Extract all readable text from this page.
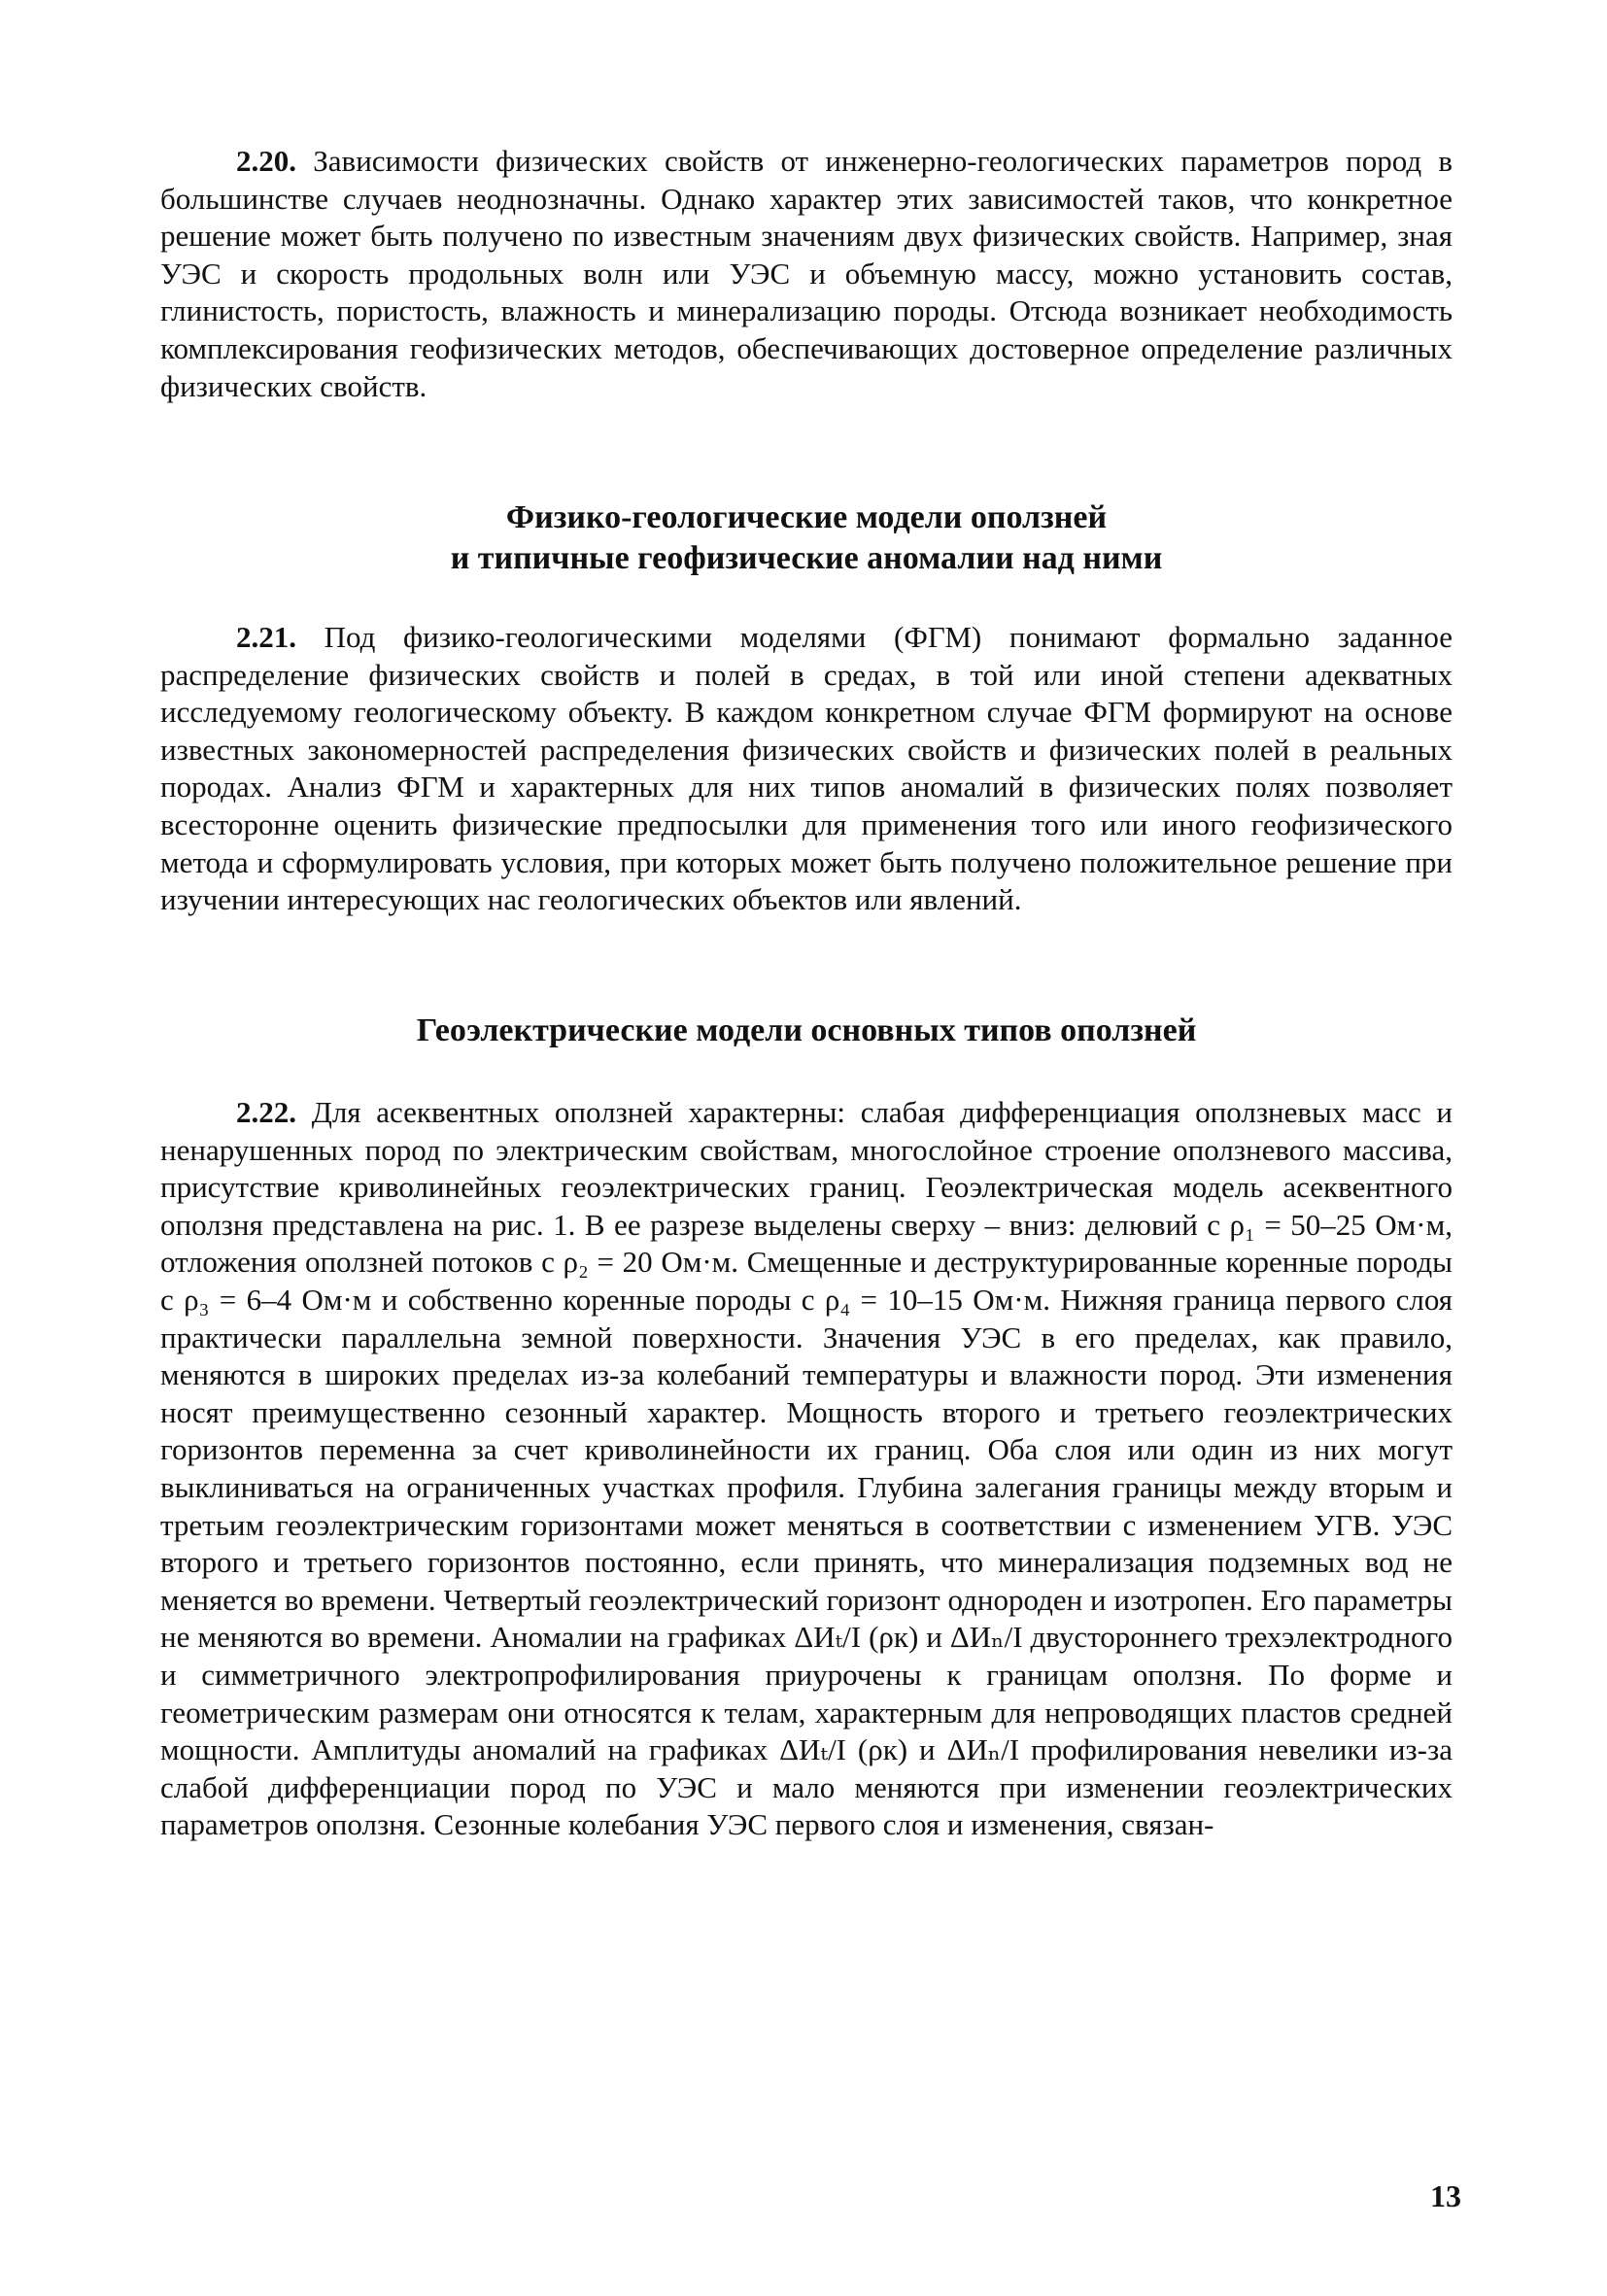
2.20. Зависимости физических свойств от инженерно-геологических параметров пород в большинстве случаев неоднозначны. Однако характер этих зависимостей таков, что конкретное решение может быть получено по известным значениям двух физических свойств. Например, зная УЭС и скорость продольных волн или УЭС и объемную массу, можно установить состав, глинистость, пористость, влажность и минерализацию породы. Отсюда возникает необходимость комплексирования геофизических методов, обеспечивающих достоверное определение различных физических свойств.

Физико-геологические модели оползней
и типичные геофизические аномалии над ними

2.21. Под физико-геологическими моделями (ФГМ) понимают формально заданное распределение физических свойств и полей в средах, в той или иной степени адекватных исследуемому геологическому объекту. В каждом конкретном случае ФГМ формируют на основе известных закономерностей распределения физических свойств и физических полей в реальных породах. Анализ ФГМ и характерных для них типов аномалий в физических полях позволяет всесторонне оценить физические предпосылки для применения того или иного геофизического метода и сформулировать условия, при которых может быть получено положительное решение при изучении интересующих нас геологических объектов или явлений.

Геоэлектрические модели основных типов оползней

2.22. Для асеквентных оползней характерны: слабая дифференциация оползневых масс и ненарушенных пород по электрическим свойствам, многослойное строение оползневого массива, присутствие криволинейных геоэлектрических границ. Геоэлектрическая модель асеквентного оползня представлена на рис. 1. В ее разрезе выделены сверху – вниз: делювий с ρ₁ = 50–25 Ом·м, отложения оползней потоков с ρ₂ = 20 Ом·м. Смещенные и деструктурированные коренные породы с ρ₃ = 6–4 Ом·м и собственно коренные породы с ρ₄ = 10–15 Ом·м. Нижняя граница первого слоя практически параллельна земной поверхности. Значения УЭС в его пределах, как правило, меняются в широких пределах из-за колебаний температуры и влажности пород. Эти изменения носят преимущественно сезонный характер. Мощность второго и третьего геоэлектрических горизонтов переменна за счет криволинейности их границ. Оба слоя или один из них могут выклиниваться на ограниченных участках профиля. Глубина залегания границы между вторым и третьим геоэлектрическим горизонтами может меняться в соответствии с изменением УГВ. УЭС второго и третьего горизонтов постоянно, если принять, что минерализация подземных вод не меняется во времени. Четвертый геоэлектрический горизонт однороден и изотропен. Его параметры не меняются во времени. Аномалии на графиках ΔИₜ/I (ρк) и ΔИₙ/I двустороннего трехэлектродного и симметричного электропрофилирования приурочены к границам оползня. По форме и геометрическим размерам они относятся к телам, характерным для непроводящих пластов средней мощности. Амплитуды аномалий на графиках ΔИₜ/I (ρк) и ΔИₙ/I профилирования невелики из-за слабой дифференциации пород по УЭС и мало меняются при изменении геоэлектрических параметров оползня. Сезонные колебания УЭС первого слоя и изменения, связан-

13
